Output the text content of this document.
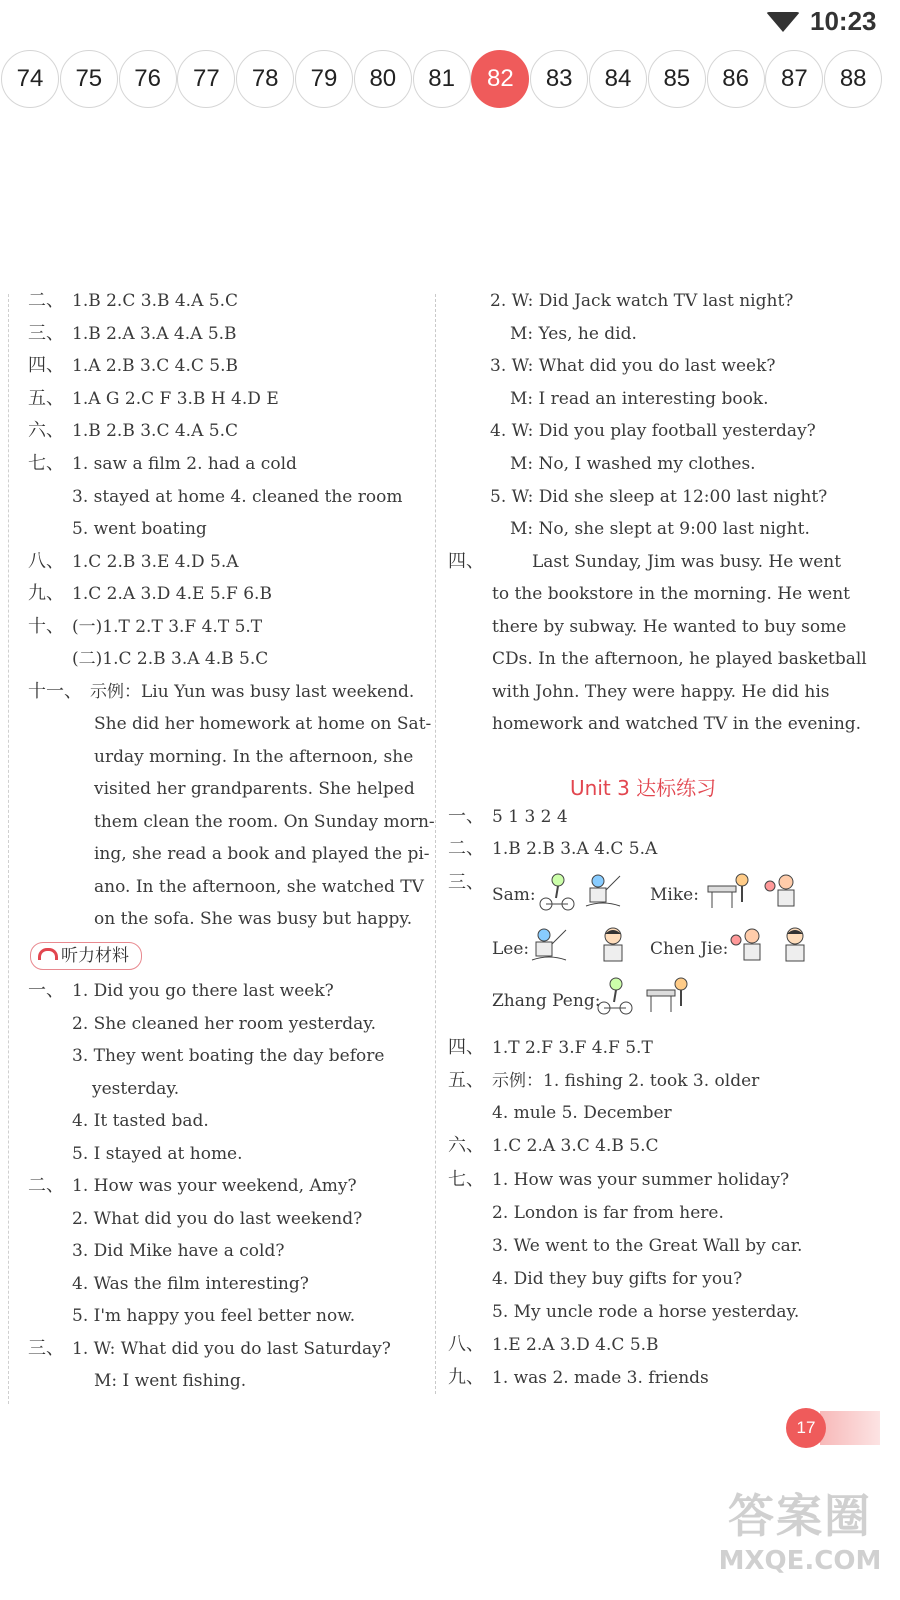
10:23
74	75	76	77	78	79	80	81	82	83	84	85	86	87	88
二、 1.B 2.C 3.B 4.A 5.C
三、 1.B 2.A 3.A 4.A 5.B
四、 1.A 2.B 3.C 4.C 5.B
五、 1.A G 2.C F 3.B H 4.D E
六、 1.B 2.B 3.C 4.A 5.C
七、 1. saw a film 2. had a cold
3. stayed at home 4. cleaned the room
5. went boating
八、 1.C 2.B 3.E 4.D 5.A
九、 1.C 2.A 3.D 4.E 5.F 6.B
十、 (一)1.T 2.T 3.F 4.T 5.T
(二)1.C 2.B 3.A 4.B 5.C
十一、 示例：Liu Yun was busy last weekend.
She did her homework at home on Sat-
urday morning. In the afternoon, she
visited her grandparents. She helped
them clean the room. On Sunday morn-
ing, she read a book and played the pi-
ano. In the afternoon, she watched TV
on the sofa. She was busy but happy.
听力材料
一、 1. Did you go there last week?
2. She cleaned her room yesterday.
3. They went boating the day before
yesterday.
4. It tasted bad.
5. I stayed at home.
二、 1. How was your weekend, Amy?
2. What did you do last weekend?
3. Did Mike have a cold?
4. Was the film interesting?
5. I'm happy you feel better now.
三、 1. W: What did you do last Saturday?
M: I went fishing.
2. W: Did Jack watch TV last night?
M: Yes, he did.
3. W: What did you do last week?
M: I read an interesting book.
4. W: Did you play football yesterday?
M: No, I washed my clothes.
5. W: Did she sleep at 12:00 last night?
M: No, she slept at 9:00 last night.
四、	Last Sunday, Jim was busy. He went
to the bookstore in the morning. He went
there by subway. He wanted to buy some
CDs. In the afternoon, he played basketball
with John. They were happy. He did his
homework and watched TV in the evening.
Unit 3 达标练习
一、 5 1 3 2 4
二、 1.B 2.B 3.A 4.C 5.A
三、
Sam:	Mike:
Lee:	Chen Jie:
Zhang Peng:
四、 1.T 2.F 3.F 4.F 5.T
五、 示例：1. fishing 2. took 3. older
4. mule 5. December
六、 1.C 2.A 3.C 4.B 5.C
七、 1. How was your summer holiday?
2. London is far from here.
3. We went to the Great Wall by car.
4. Did they buy gifts for you?
5. My uncle rode a horse yesterday.
八、 1.E 2.A 3.D 4.C 5.B
九、 1. was 2. made 3. friends
17
答案圈
MXQE.COM
